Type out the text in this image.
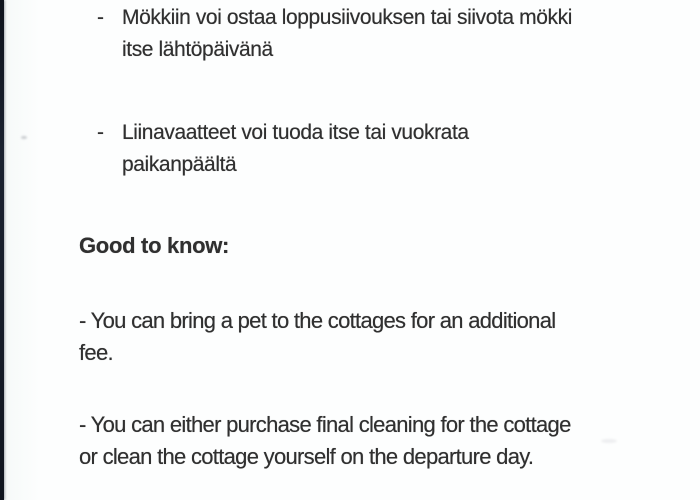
- Mökkiin voi ostaa loppusiivouksen tai siivota mökki
itse lähtöpäivänä
- Liinavaatteet voi tuoda itse tai vuokrata
paikanpäältä
Good to know:
- You can bring a pet to the cottages for an additional
fee.
- You can either purchase final cleaning for the cottage
or clean the cottage yourself on the departure day.
